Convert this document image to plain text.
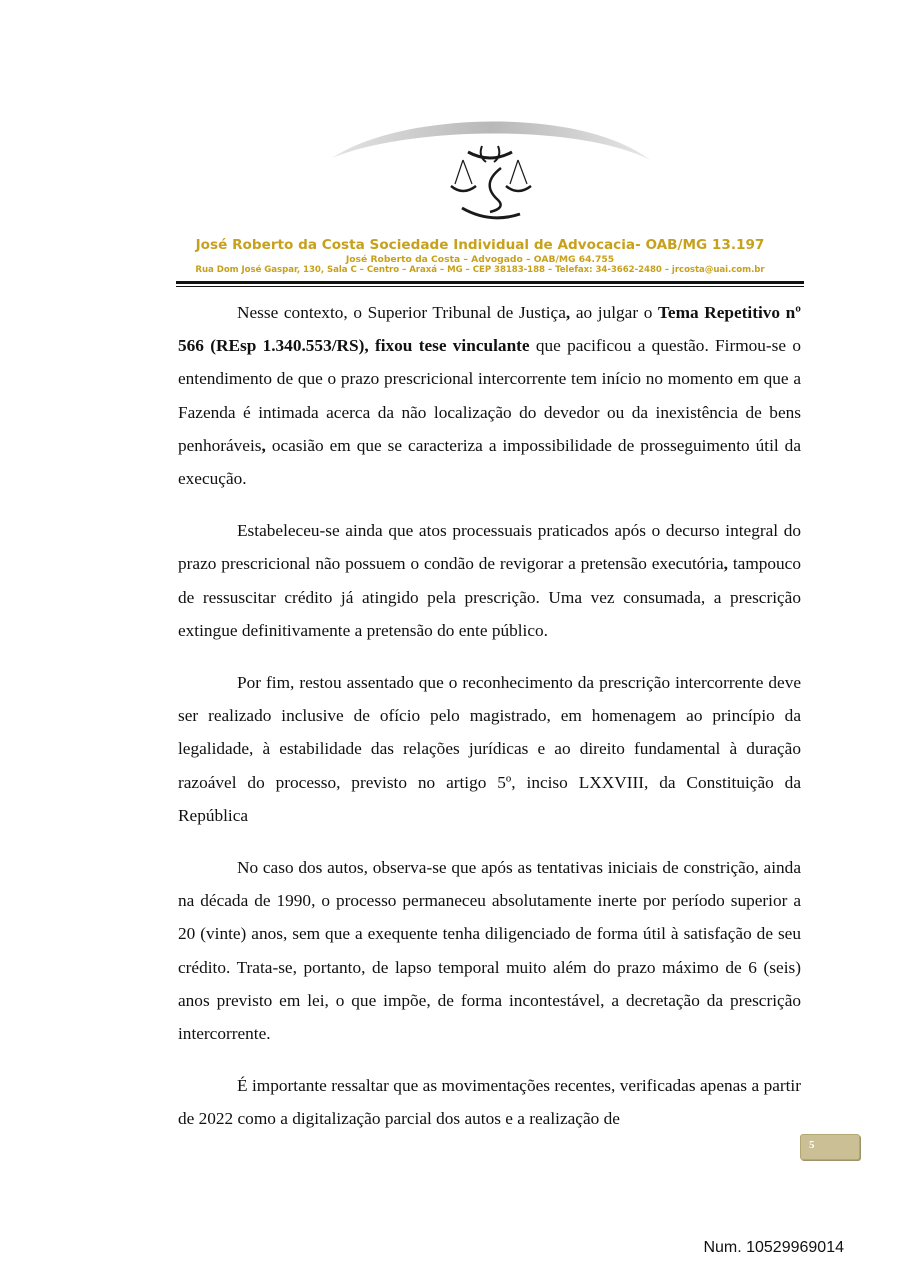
José Roberto da Costa Sociedade Individual de Advocacia- OAB/MG 13.197
José Roberto da Costa – Advogado – OAB/MG 64.755
Rua Dom José Gaspar, 130, Sala C – Centro – Araxá – MG – CEP 38183-188 – Telefax: 34-3662-2480 – jrcosta@uai.com.br

Nesse contexto, o Superior Tribunal de Justiça, ao julgar o Tema Repetitivo nº 566 (REsp 1.340.553/RS), fixou tese vinculante que pacificou a questão. Firmou-se o entendimento de que o prazo prescricional intercorrente tem início no momento em que a Fazenda é intimada acerca da não localização do devedor ou da inexistência de bens penhoráveis, ocasião em que se caracteriza a impossibilidade de prosseguimento útil da execução.

Estabeleceu-se ainda que atos processuais praticados após o decurso integral do prazo prescricional não possuem o condão de revigorar a pretensão executória, tampouco de ressuscitar crédito já atingido pela prescrição. Uma vez consumada, a prescrição extingue definitivamente a pretensão do ente público.

Por fim, restou assentado que o reconhecimento da prescrição intercorrente deve ser realizado inclusive de ofício pelo magistrado, em homenagem ao princípio da legalidade, à estabilidade das relações jurídicas e ao direito fundamental à duração razoável do processo, previsto no artigo 5º, inciso LXXVIII, da Constituição da República

No caso dos autos, observa-se que após as tentativas iniciais de constrição, ainda na década de 1990, o processo permaneceu absolutamente inerte por período superior a 20 (vinte) anos, sem que a exequente tenha diligenciado de forma útil à satisfação de seu crédito. Trata-se, portanto, de lapso temporal muito além do prazo máximo de 6 (seis) anos previsto em lei, o que impõe, de forma incontestável, a decretação da prescrição intercorrente.

É importante ressaltar que as movimentações recentes, verificadas apenas a partir de 2022 como a digitalização parcial dos autos e a realização de

5
Num. 10529969014
